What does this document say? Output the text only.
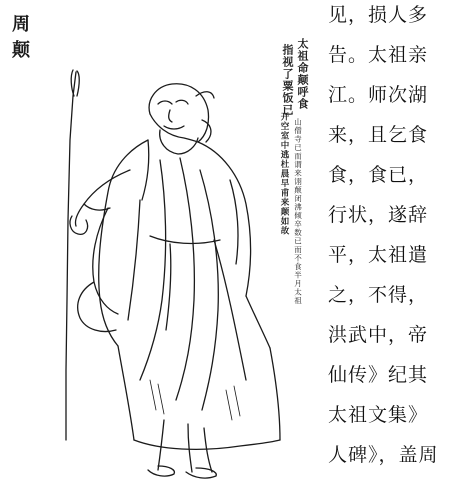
周
颠	太祖命颠呼食
指视了粟饭已
山僧寺已而谓来诩颠闭沸倾卒数已而不食半月太祖
开空室中逃杜晨早甫来颠如故
见，损人多
告。太祖亲
江。师次湖
来，且乞食
食，食已，
行状，遂辞
平，太祖遣
之，不得，
洪武中，帝
仙传》纪其
太祖文集》
人碑》，盖周
